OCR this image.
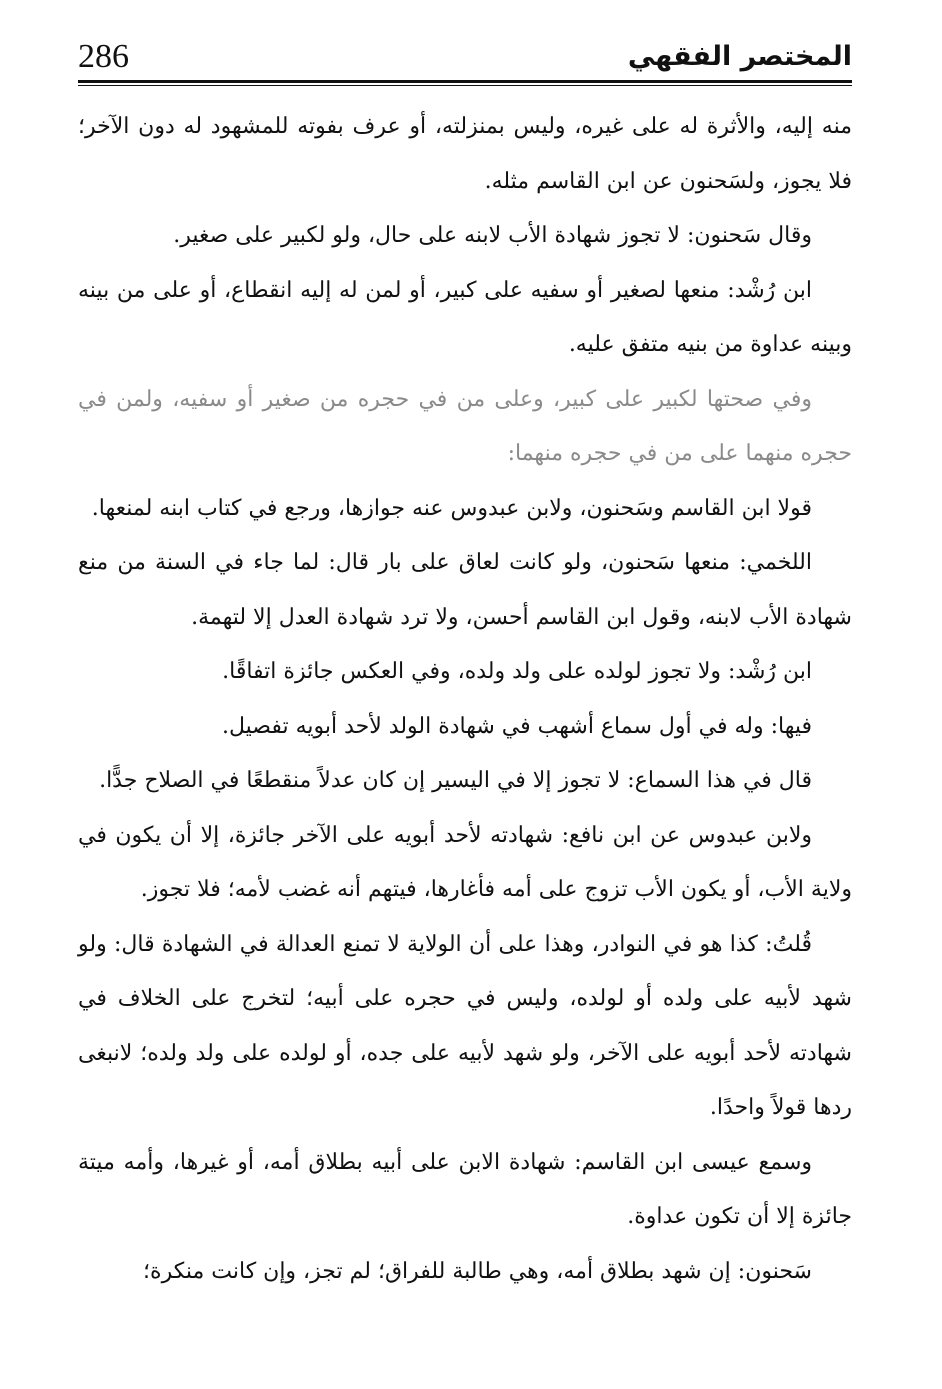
المختصر الفقهي
286

منه إليه، والأثرة له على غيره، وليس بمنزلته، أو عرف بفوته للمشهود له دون الآخر؛ فلا يجوز، ولسَحنون عن ابن القاسم مثله.

وقال سَحنون: لا تجوز شهادة الأب لابنه على حال، ولو لكبير على صغير.

ابن رُشْد: منعها لصغير أو سفيه على كبير، أو لمن له إليه انقطاع، أو على من بينه وبينه عداوة من بنيه متفق عليه.

وفي صحتها لكبير على كبير، وعلى من في حجره من صغير أو سفيه، ولمن في حجره منهما على من في حجره منهما:

قولا ابن القاسم وسَحنون، ولابن عبدوس عنه جوازها، ورجع في كتاب ابنه لمنعها.

اللخمي: منعها سَحنون، ولو كانت لعاق على بار قال: لما جاء في السنة من منع شهادة الأب لابنه، وقول ابن القاسم أحسن، ولا ترد شهادة العدل إلا لتهمة.

ابن رُشْد: ولا تجوز لولده على ولد ولده، وفي العكس جائزة اتفاقًا.

فيها: وله في أول سماع أشهب في شهادة الولد لأحد أبويه تفصيل.

قال في هذا السماع: لا تجوز إلا في اليسير إن كان عدلاً منقطعًا في الصلاح جدًّا.

ولابن عبدوس عن ابن نافع: شهادته لأحد أبويه على الآخر جائزة، إلا أن يكون في ولاية الأب، أو يكون الأب تزوج على أمه فأغارها، فيتهم أنه غضب لأمه؛ فلا تجوز.

قُلتُ: كذا هو في النوادر، وهذا على أن الولاية لا تمنع العدالة في الشهادة قال: ولو شهد لأبيه على ولده أو لولده، وليس في حجره على أبيه؛ لتخرج على الخلاف في شهادته لأحد أبويه على الآخر، ولو شهد لأبيه على جده، أو لولده على ولد ولده؛ لانبغى ردها قولاً واحدًا.

وسمع عيسى ابن القاسم: شهادة الابن على أبيه بطلاق أمه، أو غيرها، وأمه ميتة جائزة إلا أن تكون عداوة.

سَحنون: إن شهد بطلاق أمه، وهي طالبة للفراق؛ لم تجز، وإن كانت منكرة؛
